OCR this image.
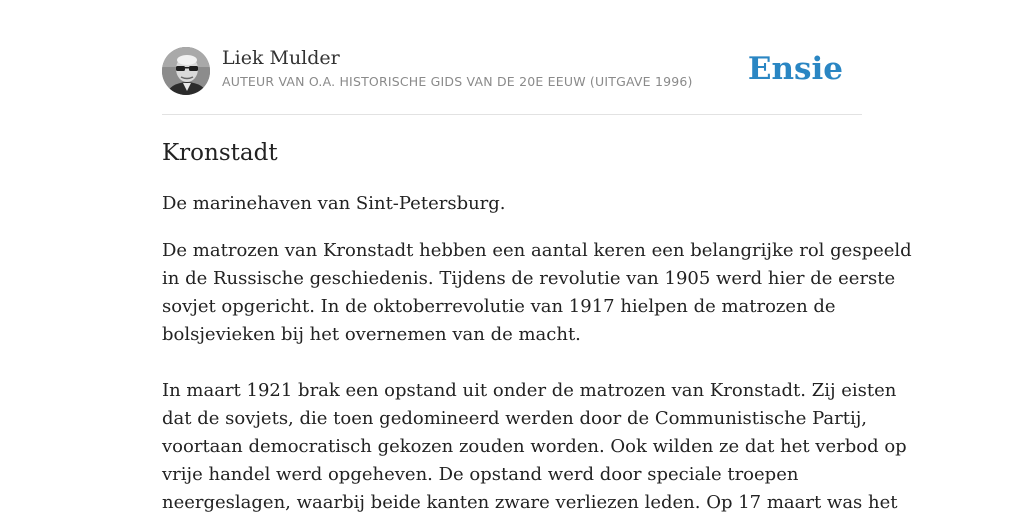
Liek Mulder
AUTEUR VAN O.A. HISTORISCHE GIDS VAN DE 20E EEUW (UITGAVE 1996) Ensie
Kronstadt

De marinehaven van Sint-Petersburg.

De matrozen van Kronstadt hebben een aantal keren een belangrijke rol gespeeld
in de Russische geschiedenis. Tijdens de revolutie van 1905 werd hier de eerste
sovjet opgericht. In de oktoberrevolutie van 1917 hielpen de matrozen de
bolsjevieken bij het overnemen van de macht.
In maart 1921 brak een opstand uit onder de matrozen van Kronstadt. Zij eisten
dat de sovjets, die toen gedomineerd werden door de Communistische Partij,
voortaan democratisch gekozen zouden worden. Ook wilden ze dat het verbod op
vrije handel werd opgeheven. De opstand werd door speciale troepen
neergeslagen, waarbij beide kanten zware verliezen leden. Op 17 maart was het
